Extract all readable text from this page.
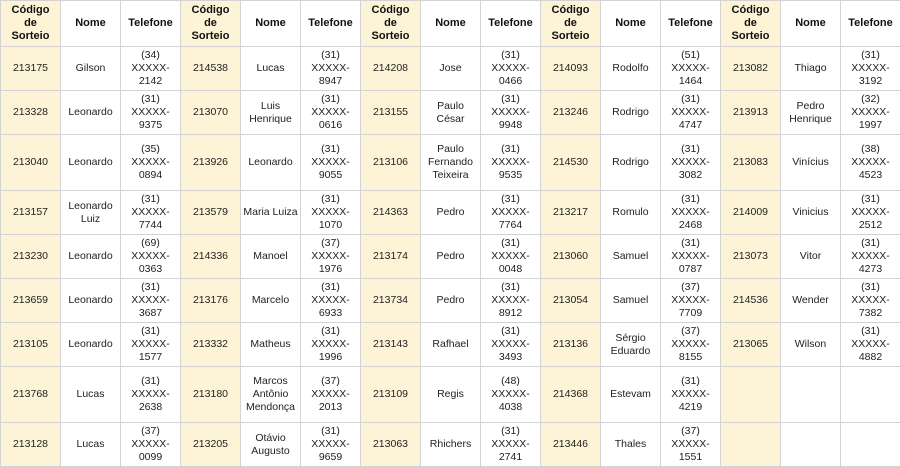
Código
de
Sorteio	Nome	Telefone	Código
de
Sorteio	Nome	Telefone	Código
de
Sorteio	Nome	Telefone	Código
de
Sorteio	Nome	Telefone	Código
de
Sorteio	Nome	Telefone

213175	Gilson	(34)
XXXXX-
2142	214538	Lucas	(31)
XXXXX-
8947	214208	Jose	(31)
XXXXX-
0466	214093	Rodolfo	(51)
XXXXX-
1464	213082	Thiago	(31)
XXXXX-
3192

213328	Leonardo	(31)
XXXXX-
9375	213070	Luis
Henrique	(31)
XXXXX-
0616	213155	Paulo
César	(31)
XXXXX-
9948	213246	Rodrigo	(31)
XXXXX-
4747	213913	Pedro
Henrique	(32)
XXXXX-
1997

213040	Leonardo	(35)
XXXXX-
0894	213926	Leonardo	(31)
XXXXX-
9055	213106	Paulo
Fernando
Teixeira	(31)
XXXXX-
9535	214530	Rodrigo	(31)
XXXXX-
3082	213083	Vinícius	(38)
XXXXX-
4523

213157	Leonardo
Luiz	(31)
XXXXX-
7744	213579	Maria Luiza	(31)
XXXXX-
1070	214363	Pedro	(31)
XXXXX-
7764	213217	Romulo	(31)
XXXXX-
2468	214009	Vinicius	(31)
XXXXX-
2512

213230	Leonardo	(69)
XXXXX-
0363	214336	Manoel	(37)
XXXXX-
1976	213174	Pedro	(31)
XXXXX-
0048	213060	Samuel	(31)
XXXXX-
0787	213073	Vitor	(31)
XXXXX-
4273

213659	Leonardo	(31)
XXXXX-
3687	213176	Marcelo	(31)
XXXXX-
6933	213734	Pedro	(31)
XXXXX-
8912	213054	Samuel	(37)
XXXXX-
7709	214536	Wender	(31)
XXXXX-
7382

213105	Leonardo	(31)
XXXXX-
1577	213332	Matheus	(31)
XXXXX-
1996	213143	Rafhael	(31)
XXXXX-
3493	213136	Sérgio
Eduardo	(37)
XXXXX-
8155	213065	Wilson	(31)
XXXXX-
4882

213768	Lucas	(31)
XXXXX-
2638	213180	Marcos
Antônio
Mendonça	(37)
XXXXX-
2013	213109	Regis	(48)
XXXXX-
4038	214368	Estevam	(31)
XXXXX-
4219			

213128	Lucas	(37)
XXXXX-
0099	213205	Otávio
Augusto	(31)
XXXXX-
9659	213063	Rhichers	(31)
XXXXX-
2741	213446	Thales	(37)
XXXXX-
1551			
